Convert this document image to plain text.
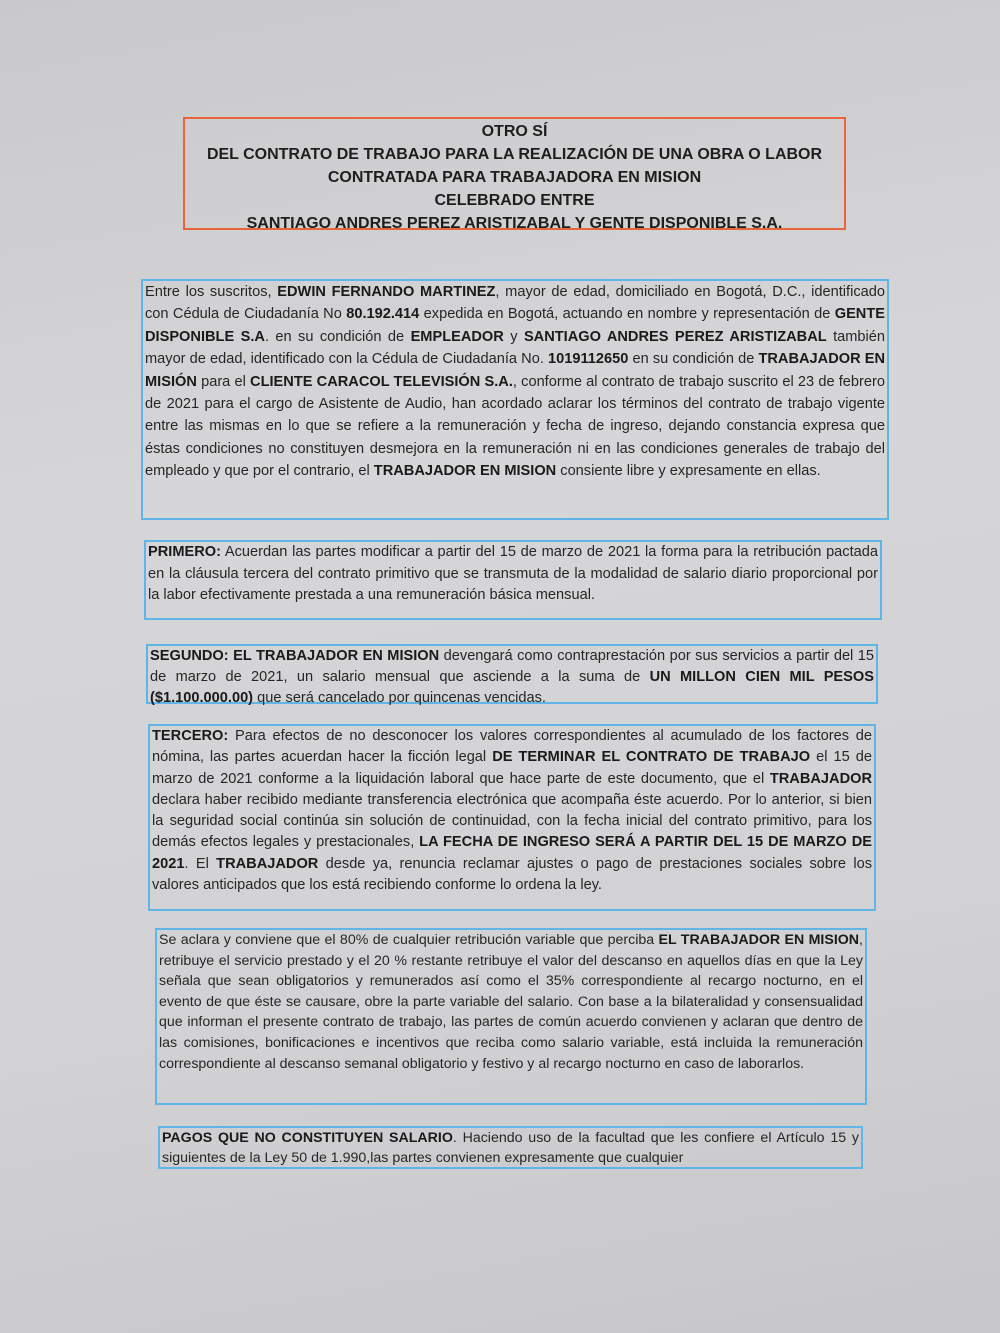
OTRO SÍ
DEL CONTRATO DE TRABAJO PARA LA REALIZACIÓN DE UNA OBRA O LABOR
CONTRATADA PARA TRABAJADORA EN MISION
CELEBRADO ENTRE
SANTIAGO ANDRES PEREZ ARISTIZABAL Y GENTE DISPONIBLE S.A.
Entre los suscritos, EDWIN FERNANDO MARTINEZ, mayor de edad, domiciliado en Bogotá, D.C., identificado con Cédula de Ciudadanía No 80.192.414 expedida en Bogotá, actuando en nombre y representación de GENTE DISPONIBLE S.A. en su condición de EMPLEADOR y SANTIAGO ANDRES PEREZ ARISTIZABAL también mayor de edad, identificado con la Cédula de Ciudadanía No. 1019112650 en su condición de TRABAJADOR EN MISIÓN para el CLIENTE CARACOL TELEVISIÓN S.A., conforme al contrato de trabajo suscrito el 23 de febrero de 2021 para el cargo de Asistente de Audio, han acordado aclarar los términos del contrato de trabajo vigente entre las mismas en lo que se refiere a la remuneración y fecha de ingreso, dejando constancia expresa que éstas condiciones no constituyen desmejora en la remuneración ni en las condiciones generales de trabajo del empleado y que por el contrario, el TRABAJADOR EN MISION consiente libre y expresamente en ellas.
PRIMERO: Acuerdan las partes modificar a partir del 15 de marzo de 2021 la forma para la retribución pactada en la cláusula tercera del contrato primitivo que se transmuta de la modalidad de salario diario proporcional por la labor efectivamente prestada a una remuneración básica mensual.
SEGUNDO: EL TRABAJADOR EN MISION devengará como contraprestación por sus servicios a partir del 15 de marzo de 2021, un salario mensual que asciende a la suma de UN MILLON CIEN MIL PESOS ($1.100.000.00) que será cancelado por quincenas vencidas.
TERCERO: Para efectos de no desconocer los valores correspondientes al acumulado de los factores de nómina, las partes acuerdan hacer la ficción legal DE TERMINAR EL CONTRATO DE TRABAJO el 15 de marzo de 2021 conforme a la liquidación laboral que hace parte de este documento, que el TRABAJADOR declara haber recibido mediante transferencia electrónica que acompaña éste acuerdo. Por lo anterior, si bien la seguridad social continúa sin solución de continuidad, con la fecha inicial del contrato primitivo, para los demás efectos legales y prestacionales, LA FECHA DE INGRESO SERÁ A PARTIR DEL 15 DE MARZO DE 2021. El TRABAJADOR desde ya, renuncia reclamar ajustes o pago de prestaciones sociales sobre los valores anticipados que los está recibiendo conforme lo ordena la ley.
Se aclara y conviene que el 80% de cualquier retribución variable que perciba EL TRABAJADOR EN MISION, retribuye el servicio prestado y el 20 % restante retribuye el valor del descanso en aquellos días en que la Ley señala que sean obligatorios y remunerados así como el 35% correspondiente al recargo nocturno, en el evento de que éste se causare, obre la parte variable del salario. Con base a la bilateralidad y consensualidad que informan el presente contrato de trabajo, las partes de común acuerdo convienen y aclaran que dentro de las comisiones, bonificaciones e incentivos que reciba como salario variable, está incluida la remuneración correspondiente al descanso semanal obligatorio y festivo y al recargo nocturno en caso de laborarlos.
PAGOS QUE NO CONSTITUYEN SALARIO. Haciendo uso de la facultad que les confiere el Artículo 15 y siguientes de la Ley 50 de 1.990,las partes convienen expresamente que cualquier
